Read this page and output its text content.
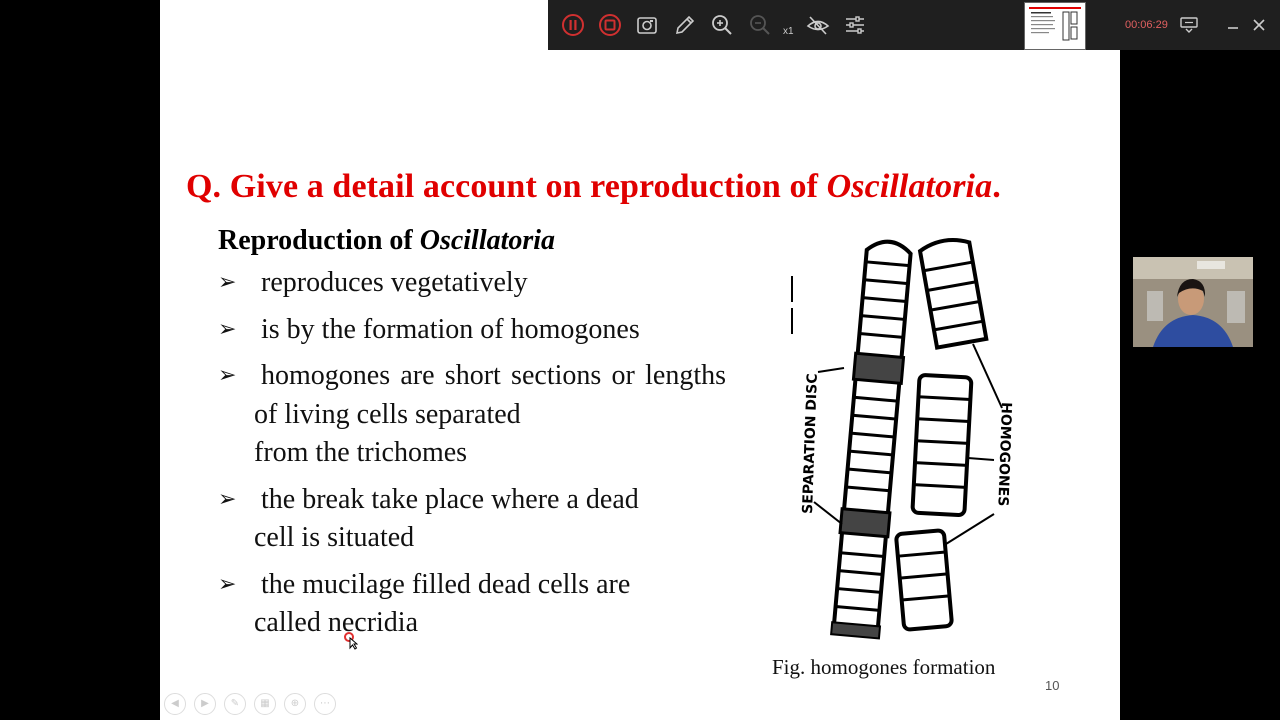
Q. Give a detail account on reproduction of Oscillatoria.
Reproduction of Oscillatoria
➢ reproduces vegetatively
➢ is by the formation of homogones
➢ homogones are short sections or lengths of living cells separated
from the trichomes
➢ the break take place where a dead
cell is situated
➢ the mucilage filled dead cells are
called necridia
SEPARATION DISC	HOMOGONES
Fig. homogones formation
10
◀ ▶ ✎ ▦ ⊕ ⋯
x1
00:06:29
